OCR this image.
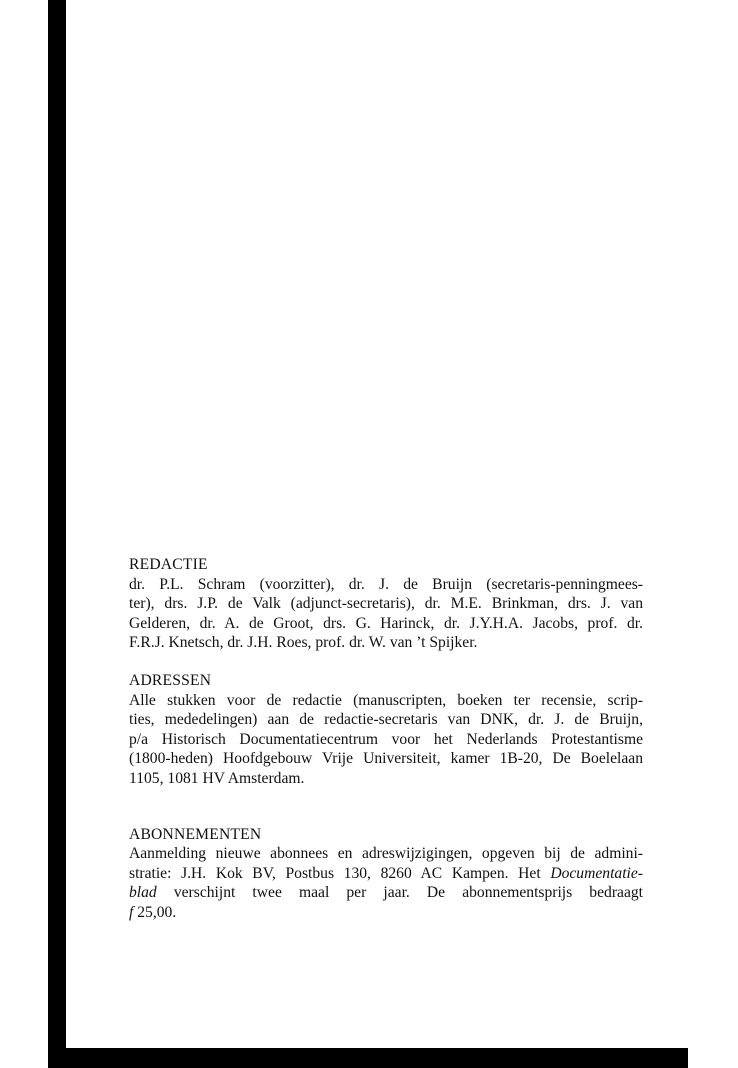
REDACTIE
dr. P.L. Schram (voorzitter), dr. J. de Bruijn (secretaris-penningmees-
ter), drs. J.P. de Valk (adjunct-secretaris), dr. M.E. Brinkman, drs. J. van
Gelderen, dr. A. de Groot, drs. G. Harinck, dr. J.Y.H.A. Jacobs, prof. dr.
F.R.J. Knetsch, dr. J.H. Roes, prof. dr. W. van ’t Spijker.
ADRESSEN
Alle stukken voor de redactie (manuscripten, boeken ter recensie, scrip-
ties, mededelingen) aan de redactie-secretaris van DNK, dr. J. de Bruijn,
p/a Historisch Documentatiecentrum voor het Nederlands Protestantisme
(1800-heden) Hoofdgebouw Vrije Universiteit, kamer 1B-20, De Boelelaan
1105, 1081 HV Amsterdam.
ABONNEMENTEN
Aanmelding nieuwe abonnees en adreswijzigingen, opgeven bij de admini-
stratie: J.H. Kok BV, Postbus 130, 8260 AC Kampen. Het Documentatie-
blad verschijnt twee maal per jaar. De abonnementsprijs bedraagt
f 25,00.
